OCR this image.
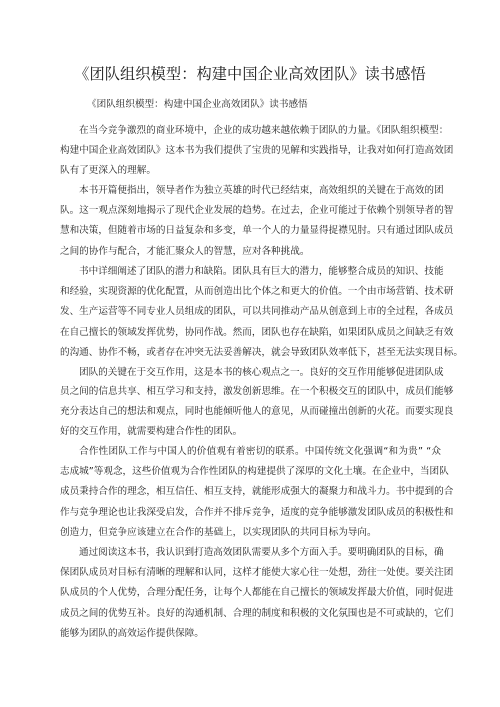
《团队组织模型：构建中国企业高效团队》读书感悟
《团队组织模型：构建中国企业高效团队》读书感悟
在当今竞争激烈的商业环境中，企业的成功越来越依赖于团队的力量。《团队组织模型：
构建中国企业高效团队》这本书为我们提供了宝贵的见解和实践指导，让我对如何打造高效团
队有了更深入的理解。
本书开篇便指出，领导者作为独立英雄的时代已经结束，高效组织的关键在于高效的团
队。这一观点深刻地揭示了现代企业发展的趋势。在过去，企业可能过于依赖个别领导者的智
慧和决策，但随着市场的日益复杂和多变，单一个人的力量显得捉襟见肘。只有通过团队成员
之间的协作与配合，才能汇聚众人的智慧，应对各种挑战。
书中详细阐述了团队的潜力和缺陷。团队具有巨大的潜力，能够整合成员的知识、技能
和经验，实现资源的优化配置，从而创造出比个体之和更大的价值。一个由市场营销、技术研
发、生产运营等不同专业人员组成的团队，可以共同推动产品从创意到上市的全过程，各成员
在自己擅长的领域发挥优势，协同作战。然而，团队也存在缺陷，如果团队成员之间缺乏有效
的沟通、协作不畅，或者存在冲突无法妥善解决，就会导致团队效率低下，甚至无法实现目标。
团队的关键在于交互作用，这是本书的核心观点之一。良好的交互作用能够促进团队成
员之间的信息共享、相互学习和支持，激发创新思维。在一个积极交互的团队中，成员们能够
充分表达自己的想法和观点，同时也能倾听他人的意见，从而碰撞出创新的火花。而要实现良
好的交互作用，就需要构建合作性的团队。
合作性团队工作与中国人的价值观有着密切的联系。中国传统文化强调“和为贵” “众
志成城”等观念，这些价值观为合作性团队的构建提供了深厚的文化土壤。在企业中，当团队
成员秉持合作的理念，相互信任、相互支持，就能形成强大的凝聚力和战斗力。书中提到的合
作与竞争理论也让我深受启发，合作并不排斥竞争，适度的竞争能够激发团队成员的积极性和
创造力，但竞争应该建立在合作的基础上，以实现团队的共同目标为导向。
通过阅读这本书，我认识到打造高效团队需要从多个方面入手。要明确团队的目标，确
保团队成员对目标有清晰的理解和认同，这样才能使大家心往一处想，劲往一处使。要关注团
队成员的个人优势，合理分配任务，让每个人都能在自己擅长的领域发挥最大价值，同时促进
成员之间的优势互补。良好的沟通机制、合理的制度和积极的文化氛围也是不可或缺的，它们
能够为团队的高效运作提供保障。
